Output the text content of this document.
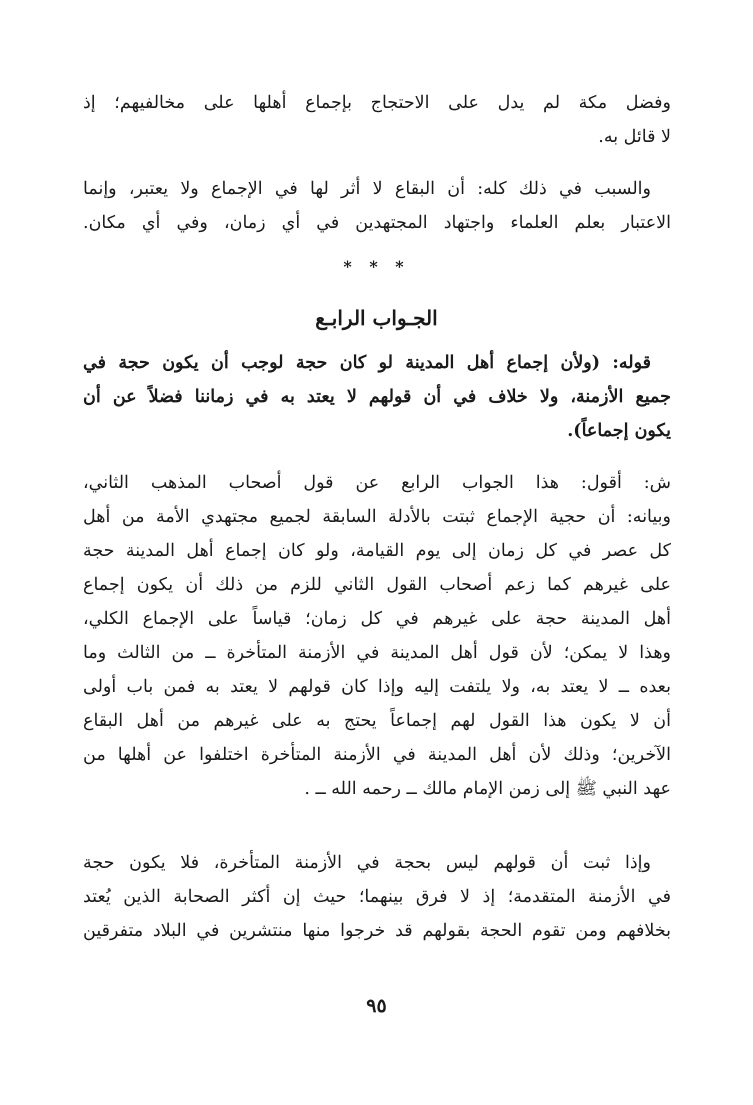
وفضل مكة لم يدل على الاحتجاج بإجماع أهلها على مخالفيهم؛ إذ
لا قائل به.
والسبب في ذلك كله: أن البقاع لا أثر لها في الإجماع ولا يعتبر، وإنما
الاعتبار بعلم العلماء واجتهاد المجتهدين في أي زمان، وفي أي مكان.
* * *
الجـواب الرابـع
قوله: (ولأن إجماع أهل المدينة لو كان حجة لوجب أن يكون حجة في
جميع الأزمنة، ولا خلاف في أن قولهم لا يعتد به في زماننا فضلاً عن أن
يكون إجماعاً).
ش: أقول: هذا الجواب الرابع عن قول أصحاب المذهب الثاني،
وبيانه: أن حجية الإجماع ثبتت بالأدلة السابقة لجميع مجتهدي الأمة من أهل
كل عصر في كل زمان إلى يوم القيامة، ولو كان إجماع أهل المدينة حجة
على غيرهم كما زعم أصحاب القول الثاني للزم من ذلك أن يكون إجماع
أهل المدينة حجة على غيرهم في كل زمان؛ قياساً على الإجماع الكلي،
وهذا لا يمكن؛ لأن قول أهل المدينة في الأزمنة المتأخرة ــ من الثالث وما
بعده ــ لا يعتد به، ولا يلتفت إليه وإذا كان قولهم لا يعتد به فمن باب أولى
أن لا يكون هذا القول لهم إجماعاً يحتج به على غيرهم من أهل البقاع
الآخرين؛ وذلك لأن أهل المدينة في الأزمنة المتأخرة اختلفوا عن أهلها من
عهد النبي ﷺ إلى زمن الإمام مالك ــ رحمه الله ــ .
وإذا ثبت أن قولهم ليس بحجة في الأزمنة المتأخرة، فلا يكون حجة
في الأزمنة المتقدمة؛ إذ لا فرق بينهما؛ حيث إن أكثر الصحابة الذين يُعتد
بخلافهم ومن تقوم الحجة بقولهم قد خرجوا منها منتشرين في البلاد متفرقين
٩٥
